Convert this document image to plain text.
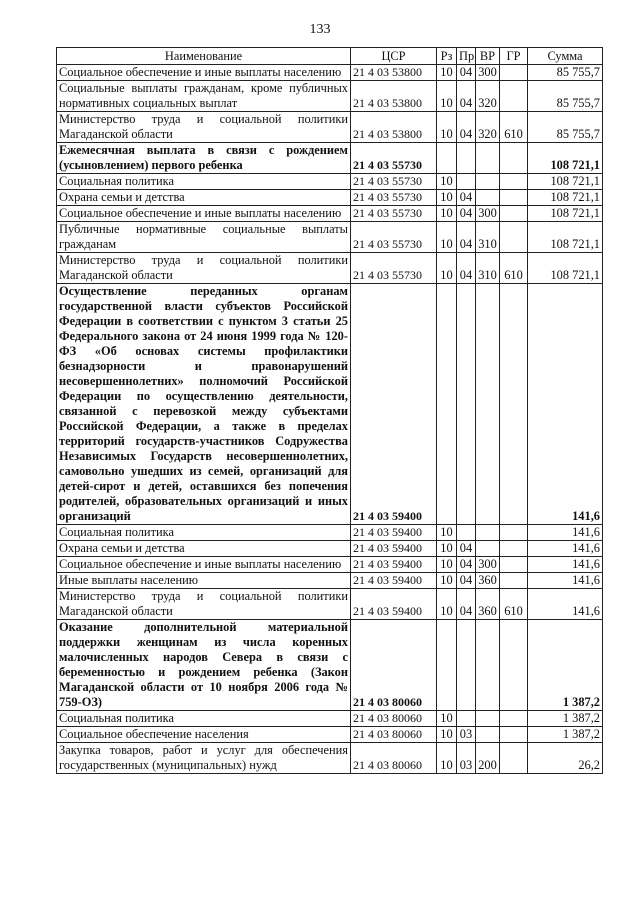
133
Наименование	ЦСР	Рз	Пр	ВР	ГР	Сумма
Социальное обеспечение и иные выплаты населению	21 4 03 53800	10	04	300		85 755,7
Социальные выплаты гражданам, кроме публичных нормативных социальных выплат	21 4 03 53800	10	04	320		85 755,7
Министерство труда и социальной политики Магаданской области	21 4 03 53800	10	04	320	610	85 755,7
Ежемесячная выплата в связи с рождением (усыновлением) первого ребенка	21 4 03 55730					108 721,1
Социальная политика	21 4 03 55730	10				108 721,1
Охрана семьи и детства	21 4 03 55730	10	04			108 721,1
Социальное обеспечение и иные выплаты населению	21 4 03 55730	10	04	300		108 721,1
Публичные нормативные социальные выплаты гражданам	21 4 03 55730	10	04	310		108 721,1
Министерство труда и социальной политики Магаданской области	21 4 03 55730	10	04	310	610	108 721,1
Осуществление переданных органам государственной власти субъектов Российской Федерации в соответствии с пунктом 3 статьи 25 Федерального закона от 24 июня 1999 года № 120-ФЗ «Об основах системы профилактики безнадзорности и правонарушений несовершеннолетних» полномочий Российской Федерации по осуществлению деятельности, связанной с перевозкой между субъектами Российской Федерации, а также в пределах территорий государств-участников Содружества Независимых Государств несовершеннолетних, самовольно ушедших из семей, организаций для детей-сирот и детей, оставшихся без попечения родителей, образовательных организаций и иных организаций	21 4 03 59400					141,6
Социальная политика	21 4 03 59400	10				141,6
Охрана семьи и детства	21 4 03 59400	10	04			141,6
Социальное обеспечение и иные выплаты населению	21 4 03 59400	10	04	300		141,6
Иные выплаты населению	21 4 03 59400	10	04	360		141,6
Министерство труда и социальной политики Магаданской области	21 4 03 59400	10	04	360	610	141,6
Оказание дополнительной материальной поддержки женщинам из числа коренных малочисленных народов Севера в связи с беременностью и рождением ребенка (Закон Магаданской области от 10 ноября 2006 года № 759-ОЗ)	21 4 03 80060					1 387,2
Социальная политика	21 4 03 80060	10				1 387,2
Социальное обеспечение населения	21 4 03 80060	10	03			1 387,2
Закупка товаров, работ и услуг для обеспечения государственных (муниципальных) нужд	21 4 03 80060	10	03	200		26,2
